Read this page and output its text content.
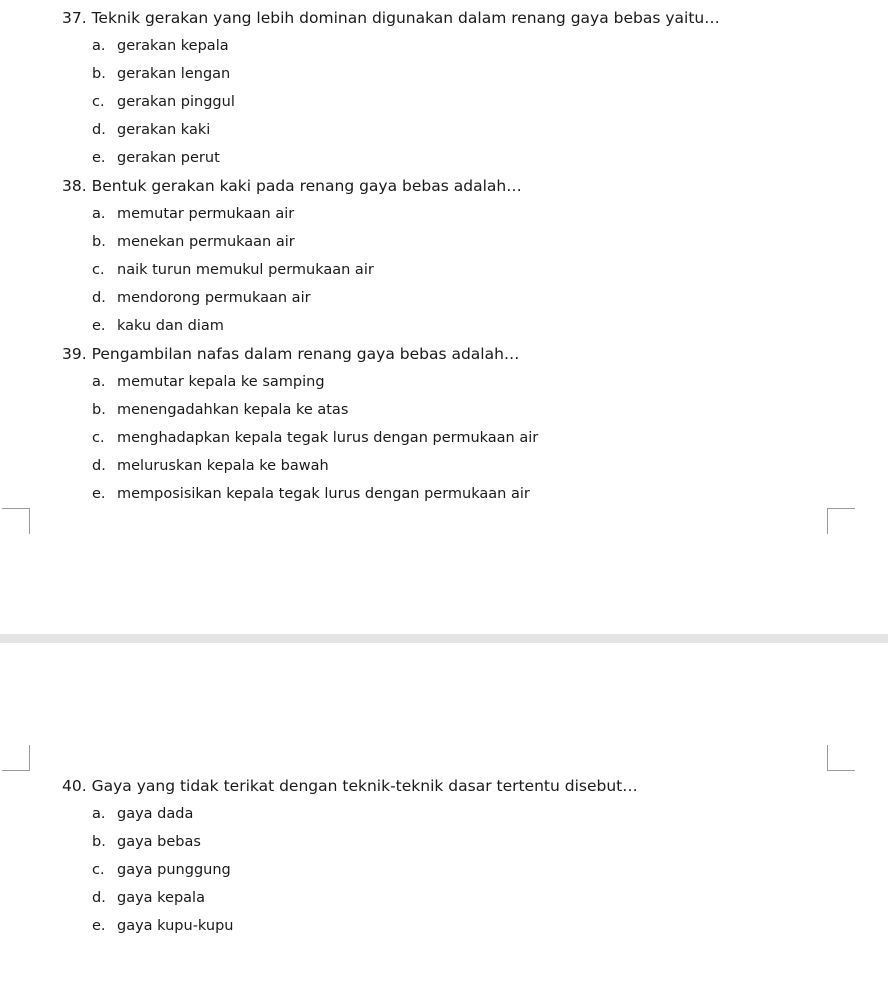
37. Teknik gerakan yang lebih dominan digunakan dalam renang gaya bebas yaitu…

a. gerakan kepala
b. gerakan lengan
c. gerakan pinggul
d. gerakan kaki
e. gerakan perut

38. Bentuk gerakan kaki pada renang gaya bebas adalah…

a. memutar permukaan air
b. menekan permukaan air
c. naik turun memukul permukaan air
d. mendorong permukaan air
e. kaku dan diam

39. Pengambilan nafas dalam renang gaya bebas adalah…

a. memutar kepala ke samping
b. menengadahkan kepala ke atas
c. menghadapkan kepala tegak lurus dengan permukaan air
d. meluruskan kepala ke bawah
e. memposisikan kepala tegak lurus dengan permukaan air

40. Gaya yang tidak terikat dengan teknik-teknik dasar tertentu disebut…

a. gaya dada
b. gaya bebas
c. gaya punggung
d. gaya kepala
e. gaya kupu-kupu
